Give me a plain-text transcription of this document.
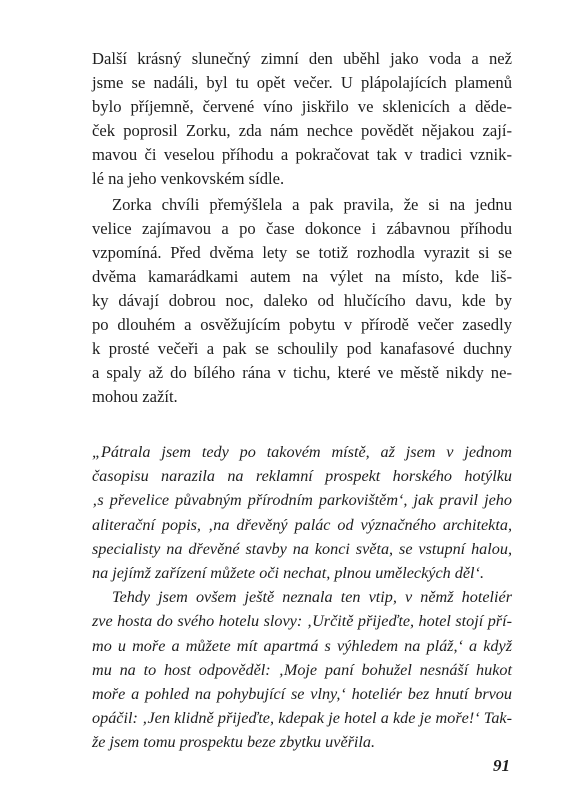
Další krásný slunečný zimní den uběhl jako voda a než
jsme se nadáli, byl tu opět večer. U plápolajících plamenů
bylo příjemně, červené víno jiskřilo ve sklenicích a dědе-
ček poprosil Zorku, zda nám nechce povědět nějakou zají-
mavou či veselou příhodu a pokračovat tak v tradici vznik-
lé na jeho venkovském sídle.
Zorka chvíli přemýšlela a pak pravila, že si na jednu
velice zajímavou a po čase dokonce i zábavnou příhodu
vzpomíná. Před dvěma lety se totiž rozhodla vyrazit si se
dvěma kamarádkami autem na výlet na místo, kde liš-
ky dávají dobrou noc, daleko od hlučícího davu, kde by
po dlouhém a osvěžujícím pobytu v přírodě večer zasedly
k prosté večeři a pak se schoulily pod kanafasové duchny
a spaly až do bílého rána v tichu, které ve městě nikdy ne-
mohou zažít.
„Pátrala jsem tedy po takovém místě, až jsem v jednom
časopisu narazila na reklamní prospekt horského hotýlku
‚s převelice půvabným přírodním parkovištěm‘, jak pravil jeho
aliterační popis, ‚na dřevěný palác od význačného architekta,
specialisty na dřevěné stavby na konci světa, se vstupní halou,
na jejímž zařízení můžete oči nechat, plnou uměleckých děl‘.
Tehdy jsem ovšem ještě neznala ten vtip, v němž hoteliér
zve hosta do svého hotelu slovy: ‚Určitě přijeďte, hotel stojí pří-
mo u moře a můžete mít apartmá s výhledem na pláž,‘ a když
mu na to host odpověděl: ‚Moje paní bohužel nesnáší hukot
moře a pohled na pohybující se vlny,‘ hoteliér bez hnutí brvou
opáčil: ‚Jen klidně přijeďte, kdepak je hotel a kde je moře!‘ Tak-
že jsem tomu prospektu beze zbytku uvěřila.
91
